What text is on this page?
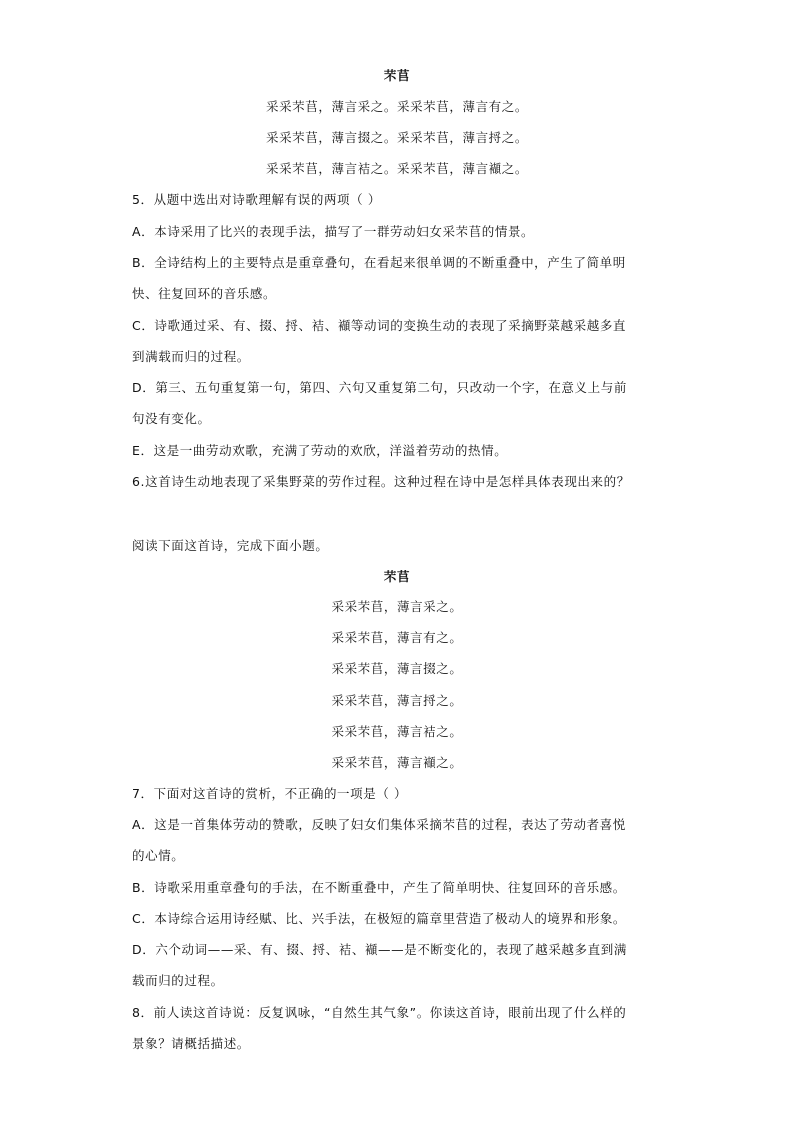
芣苢
采采芣苢，薄言采之。采采芣苢，薄言有之。
采采芣苢，薄言掇之。采采芣苢，薄言捋之。
采采芣苢，薄言袺之。采采芣苢，薄言襭之。
5．从题中选出对诗歌理解有误的两项（ ）
A．本诗采用了比兴的表现手法，描写了一群劳动妇女采芣苢的情景。
B．全诗结构上的主要特点是重章叠句，在看起来很单调的不断重叠中，产生了简单明
快、往复回环的音乐感。
C．诗歌通过采、有、掇、捋、袺、襭等动词的变换生动的表现了采摘野菜越采越多直
到满载而归的过程。
D．第三、五句重复第一句，第四、六句又重复第二句，只改动一个字，在意义上与前
句没有变化。
E．这是一曲劳动欢歌，充满了劳动的欢欣，洋溢着劳动的热情。
6.这首诗生动地表现了采集野菜的劳作过程。这种过程在诗中是怎样具体表现出来的？
阅读下面这首诗，完成下面小题。
芣苢
采采芣苢，薄言采之。
采采芣苢，薄言有之。
采采芣苢，薄言掇之。
采采芣苢，薄言捋之。
采采芣苢，薄言袺之。
采采芣苢，薄言襭之。
7．下面对这首诗的赏析，不正确的一项是（ ）
A．这是一首集体劳动的赞歌，反映了妇女们集体采摘芣苢的过程，表达了劳动者喜悦
的心情。
B．诗歌采用重章叠句的手法，在不断重叠中，产生了简单明快、往复回环的音乐感。
C．本诗综合运用诗经赋、比、兴手法，在极短的篇章里营造了极动人的境界和形象。
D．六个动词——采、有、掇、捋、袺、襭——是不断变化的，表现了越采越多直到满
载而归的过程。
8．前人读这首诗说：反复讽咏，“自然生其气象”。你读这首诗，眼前出现了什么样的
景象？请概括描述。
